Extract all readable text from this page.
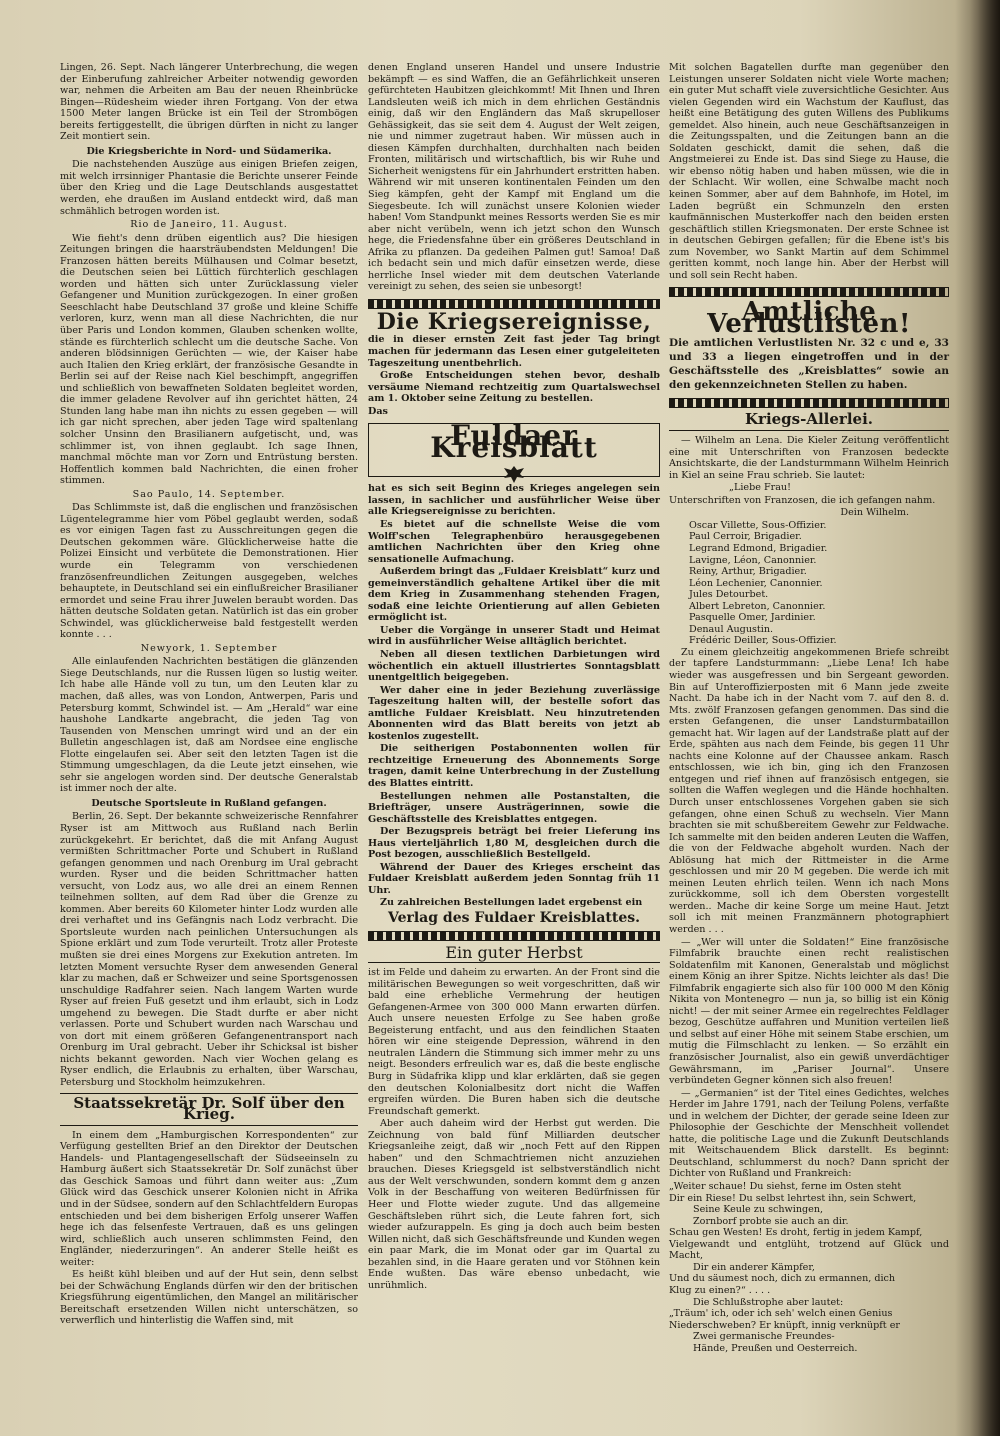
Lingen, 26. Sept. Nach längerer Unterbrechung, die wegen der Einberufung zahlreicher Arbeiter notwendig geworden war, nehmen die Arbeiten am Bau der neuen Rheinbrücke Bingen—Rüdesheim wieder ihren Fortgang. Von der etwa 1500 Meter langen Brücke ist ein Teil der Strombögen bereits fertiggestellt, die übrigen dürften in nicht zu langer Zeit montiert sein.

Die Kriegsberichte in Nord- und Südamerika.

Die nachstehenden Auszüge aus einigen Briefen zeigen, mit welch irrsinniger Phantasie die Berichte unserer Feinde über den Krieg und die Lage Deutschlands ausgestattet werden, ehe draußen im Ausland entdeckt wird, daß man schmählich betrogen worden ist.

Rio de Janeiro, 11. August.

Wie fieht's denn drüben eigentlich aus? Die hiesigen Zeitungen bringen die haarsträubendsten Meldungen! Die Franzosen hätten bereits Mülhausen und Colmar besetzt, die Deutschen seien bei Lüttich fürchterlich geschlagen worden und hätten sich unter Zurücklassung vieler Gefangener und Munition zurückgezogen. In einer großen Seeschlacht habe Deutschland 37 große und kleine Schiffe verloren, kurz, wenn man all diese Nachrichten, die nur über Paris und London kommen, Glauben schenken wollte, stände es fürchterlich schlecht um die deutsche Sache. Von anderen blödsinnigen Gerüchten — wie, der Kaiser habe auch Italien den Krieg erklärt, der französische Gesandte in Berlin sei auf der Reise nach Kiel beschimpft, angegriffen und schließlich von bewaffneten Soldaten begleitet worden, die immer geladene Revolver auf ihn gerichtet hätten, 24 Stunden lang habe man ihn nichts zu essen gegeben — will ich gar nicht sprechen, aber jeden Tage wird spaltenlang solcher Unsinn den Brasilianern aufgetischt, und, was schlimmer ist, von ihnen geglaubt. Ich sage Ihnen, manchmal möchte man vor Zorn und Entrüstung bersten. Hoffentlich kommen bald Nachrichten, die einen froher stimmen.

Sao Paulo, 14. September.

Das Schlimmste ist, daß die englischen und französischen Lügentelegramme hier vom Pöbel geglaubt werden, sodaß es vor einigen Tagen fast zu Ausschreitungen gegen die Deutschen gekommen wäre. Glücklicherweise hatte die Polizei Einsicht und verbütete die Demonstrationen. Hier wurde ein Telegramm von verschiedenen französenfreundlichen Zeitungen ausgegeben, welches behauptete, in Deutschland sei ein einflußreicher Brasilianer ermordet und seine Frau ihrer Juwelen beraubt worden. Das hätten deutsche Soldaten getan. Natürlich ist das ein grober Schwindel, was glücklicherweise bald festgestellt werden konnte . . .

Newyork, 1. September

Alle einlaufenden Nachrichten bestätigen die glänzenden Siege Deutschlands, nur die Russen lügen so lustig weiter. Ich habe alle Hände voll zu tun, um den Leuten klar zu machen, daß alles, was von London, Antwerpen, Paris und Petersburg kommt, Schwindel ist. — Am „Herald“ war eine haushohe Landkarte angebracht, die jeden Tag von Tausenden von Menschen umringt wird und an der ein Bulletin angeschlagen ist, daß am Nordsee eine englische Flotte eingelaufen sei. Aber seit den letzten Tagen ist die Stimmung umgeschlagen, da die Leute jetzt einsehen, wie sehr sie angelogen worden sind. Der deutsche Generalstab ist immer noch der alte.

Deutsche Sportsleute in Rußland gefangen.

Berlin, 26. Sept. Der bekannte schweizerische Rennfahrer Ryser ist am Mittwoch aus Rußland nach Berlin zurückgekehrt. Er berichtet, daß die mit Anfang August vermißten Schrittmacher Porte und Schubert in Rußland gefangen genommen und nach Orenburg im Ural gebracht wurden. Ryser und die beiden Schrittmacher hatten versucht, von Lodz aus, wo alle drei an einem Rennen teilnehmen sollten, auf dem Rad über die Grenze zu kommen. Aber bereits 60 Kilometer hinter Lodz wurden alle drei verhaftet und ins Gefängnis nach Lodz verbracht. Die Sportsleute wurden nach peinlichen Untersuchungen als Spione erklärt und zum Tode verurteilt. Trotz aller Proteste mußten sie drei eines Morgens zur Exekution antreten. Im letzten Moment versuchte Ryser dem anwesenden General klar zu machen, daß er Schweizer und seine Sportsgenossen unschuldige Radfahrer seien. Nach langem Warten wurde Ryser auf freien Fuß gesetzt und ihm erlaubt, sich in Lodz umgehend zu bewegen. Die Stadt durfte er aber nicht verlassen. Porte und Schubert wurden nach Warschau und von dort mit einem größeren Gefangenentransport nach Orenburg im Ural gebracht. Ueber ihr Schicksal ist bisher nichts bekannt geworden. Nach vier Wochen gelang es Ryser endlich, die Erlaubnis zu erhalten, über Warschau, Petersburg und Stockholm heimzukehren.

Staatssekretär Dr. Solf über den Krieg.

In einem dem „Hamburgischen Korrespondenten“ zur Verfügung gestellten Brief an den Direktor der Deutschen Handels- und Plantagengesellschaft der Südseeinseln zu Hamburg äußert sich Staatssekretär Dr. Solf zunächst über das Geschick Samoas und führt dann weiter aus: „Zum Glück wird das Geschick unserer Kolonien nicht in Afrika und in der Südsee, sondern auf den Schlachtfeldern Europas entschieden und bei dem bisherigen Erfolg unserer Waffen hege ich das felsenfeste Vertrauen, daß es uns gelingen wird, schließlich auch unseren schlimmsten Feind, den Engländer, niederzuringen“. An anderer Stelle heißt es weiter:

Es heißt kühl bleiben und auf der Hut sein, denn selbst bei der Schwächung Englands dürfen wir den der britischen Kriegsführung eigentümlichen, den Mangel an militärischer Bereitschaft ersetzenden Willen nicht unterschätzen, so verwerflich und hinterlistig die Waffen sind, mit

denen England unseren Handel und unsere Industrie bekämpft — es sind Waffen, die an Gefährlichkeit unseren gefürchteten Haubitzen gleichkommt! Mit Ihnen und Ihren Landsleuten weiß ich mich in dem ehrlichen Geständnis einig, daß wir den Engländern das Maß skrupelloser Gehässigkeit, das sie seit dem 4. August der Welt zeigen, nie und nimmer zugetraut haben. Wir müssen auch in diesen Kämpfen durchhalten, durchhalten nach beiden Fronten, militärisch und wirtschaftlich, bis wir Ruhe und Sicherheit wenigstens für ein Jahrhundert erstritten haben. Während wir mit unseren kontinentalen Feinden um den Sieg kämpfen, geht der Kampf mit England um die Siegesbeute. Ich will zunächst unsere Kolonien wieder haben! Vom Standpunkt meines Ressorts werden Sie es mir aber nicht verübeln, wenn ich jetzt schon den Wunsch hege, die Friedensfahne über ein größeres Deutschland in Afrika zu pflanzen. Da gedeihen Palmen gut! Samoa! Daß ich bedacht sein und mich dafür einsetzen werde, diese herrliche Insel wieder mit dem deutschen Vaterlande vereinigt zu sehen, des seien sie unbesorgt!

Die Kriegsereignisse,

die in dieser ernsten Zeit fast jeder Tag bringt machen für jedermann das Lesen einer gutgeleiteten Tageszeitung unentbehrlich.

Große Entscheidungen stehen bevor, deshalb versäume Niemand rechtzeitig zum Quartalswechsel am 1. Oktober seine Zeitung zu bestellen.

Das

Fuldaer Kreisblatt

hat es sich seit Beginn des Krieges angelegen sein lassen, in sachlicher und ausführlicher Weise über alle Kriegsereignisse zu berichten.

Es bietet auf die schnellste Weise die vom Wolff'schen Telegraphenbüro herausgegebenen amtlichen Nachrichten über den Krieg ohne sensationelle Aufmachung.

Außerdem bringt das „Fuldaer Kreisblatt“ kurz und gemeinverständlich gehaltene Artikel über die mit dem Krieg in Zusammenhang stehenden Fragen, sodaß eine leichte Orientierung auf allen Gebieten ermöglicht ist.

Ueber die Vorgänge in unserer Stadt und Heimat wird in ausführlicher Weise alltäglich berichtet.

Neben all diesen textlichen Darbietungen wird wöchentlich ein aktuell illustriertes Sonntagsblatt unentgeltlich beigegeben.

Wer daher eine in jeder Beziehung zuverlässige Tageszeitung halten will, der bestelle sofort das amtliche Fuldaer Kreisblatt. Neu hinzutretenden Abonnenten wird das Blatt bereits von jetzt ab kostenlos zugestellt.

Die seitherigen Postabonnenten wollen für rechtzeitige Erneuerung des Abonnements Sorge tragen, damit keine Unterbrechung in der Zustellung des Blattes eintritt.

Bestellungen nehmen alle Postanstalten, die Briefträger, unsere Austrägerinnen, sowie die Geschäftsstelle des Kreisblattes entgegen.

Der Bezugspreis beträgt bei freier Lieferung ins Haus vierteljährlich 1,80 M, desgleichen durch die Post bezogen, ausschließlich Bestellgeld.

Während der Dauer des Krieges erscheint das Fuldaer Kreisblatt außerdem jeden Sonntag früh 11 Uhr.

Zu zahlreichen Bestellungen ladet ergebenst ein

Verlag des Fuldaer Kreisblattes.

Ein guter Herbst

ist im Felde und daheim zu erwarten. An der Front sind die militärischen Bewegungen so weit vorgeschritten, daß wir bald eine erhebliche Vermehrung der heutigen Gefangenen-Armee von 300 000 Mann erwarten dürfen. Auch unsere neuesten Erfolge zu See haben große Begeisterung entfacht, und aus den feindlichen Staaten hören wir eine steigende Depression, während in den neutralen Ländern die Stimmung sich immer mehr zu uns neigt. Besonders erfreulich war es, daß die beste englische Burg in Südafrika klipp und klar erklärten, daß sie gegen den deutschen Kolonialbesitz dort nicht die Waffen ergreifen würden. Die Buren haben sich die deutsche Freundschaft gemerkt.

Aber auch daheim wird der Herbst gut werden. Die Zeichnung von bald fünf Milliarden deutscher Kriegsanleihe zeigt, daß wir „noch Fett auf den Rippen haben“ und den Schmachtriemen nicht anzuziehen brauchen. Dieses Kriegsgeld ist selbstverständlich nicht aus der Welt verschwunden, sondern kommt dem g anzen Volk in der Beschaffung von weiteren Bedürfnissen für Heer und Flotte wieder zugute. Und das allgemeine Geschäftsleben rührt sich, die Leute fahren fort, sich wieder aufzurappeln. Es ging ja doch auch beim besten Willen nicht, daß sich Geschäftsfreunde und Kunden wegen ein paar Mark, die im Monat oder gar im Quartal zu bezahlen sind, in die Haare geraten und vor Stöhnen kein Ende wußten. Das wäre ebenso unbedacht, wie unrühmlich.

Mit solchen Bagatellen durfte man gegenüber den Leistungen unserer Soldaten nicht viele Worte machen; ein guter Mut schafft viele zuversichtliche Gesichter. Aus vielen Gegenden wird ein Wachstum der Kauflust, das heißt eine Betätigung des guten Willens des Publikums gemeldet. Also hinein, auch neue Geschäftsanzeigen in die Zeitungsspalten, und die Zeitungen bann an die Soldaten geschickt, damit die sehen, daß die Angstmeierei zu Ende ist. Das sind Siege zu Hause, die wir ebenso nötig haben und haben müssen, wie die in der Schlacht. Wir wollen, eine Schwalbe macht noch keinen Sommer, aber auf dem Bahnhofe, im Hotel, im Laden begrüßt ein Schmunzeln den ersten kaufmännischen Musterkoffer nach den beiden ersten geschäftlich stillen Kriegsmonaten. Der erste Schnee ist in deutschen Gebirgen gefallen; für die Ebene ist's bis zum November, wo Sankt Martin auf dem Schimmel geritten kommt, noch lange hin. Aber der Herbst will und soll sein Recht haben.

Amtliche Verlustlisten!

Die amtlichen Verlustlisten Nr. 32 c und e, 33 und 33 a liegen eingetroffen und in der Geschäftsstelle des „Kreisblattes“ sowie an den gekennzeichneten Stellen zu haben.

Kriegs-Allerlei.

— Wilhelm an Lena. Die Kieler Zeitung veröffentlicht eine mit Unterschriften von Franzosen bedeckte Ansichtskarte, die der Landsturmmann Wilhelm Heinrich in Kiel an seine Frau schrieb. Sie lautet:

„Liebe Frau!

Unterschriften von Franzosen, die ich gefangen nahm.

Dein Wilhelm.

Oscar Villette, Sous-Offizier.
Paul Cerroir, Brigadier.
Legrand Edmond, Brigadier.
Lavigne, Léon, Canonnier.
Reiny, Arthur, Brigadier.
Léon Lechenier, Canonnier.
Jules Detourbet.
Albert Lebreton, Canonnier.
Pasquelle Omer, Jardinier.
Denaul Augustin.
Frédéric Deiller, Sous-Offizier.

Zu einem gleichzeitig angekommenen Briefe schreibt der tapfere Landsturmmann: „Liebe Lena! Ich habe wieder was ausgefressen und bin Sergeant geworden. Bin auf Unteroffizierposten mit 6 Mann jede zweite Nacht. Da habe ich in der Nacht vom 7. auf den 8. d. Mts. zwölf Franzosen gefangen genommen. Das sind die ersten Gefangenen, die unser Landsturmbataillon gemacht hat. Wir lagen auf der Landstraße platt auf der Erde, spähten aus nach dem Feinde, bis gegen 11 Uhr nachts eine Kolonne auf der Chaussee ankam. Rasch entschlossen, wie ich bin, ging ich den Franzosen entgegen und rief ihnen auf französisch entgegen, sie sollten die Waffen weglegen und die Hände hochhalten. Durch unser entschlossenes Vorgehen gaben sie sich gefangen, ohne einen Schuß zu wechseln. Vier Mann brachten sie mit schußbereitem Gewehr zur Feldwache. Ich sammelte mit den beiden anderen Leuten die Waffen, die von der Feldwache abgeholt wurden. Nach der Ablösung hat mich der Rittmeister in die Arme geschlossen und mir 20 M gegeben. Die werde ich mit meinen Leuten ehrlich teilen. Wenn ich nach Mons zurückkomme, soll ich dem Obersten vorgestellt werden.. Mache dir keine Sorge um meine Haut. Jetzt soll ich mit meinen Franzmännern photographiert werden . . .

— „Wer will unter die Soldaten!“ Eine französische Filmfabrik brauchte einen recht realistischen Soldatenfilm mit Kanonen, Generalstab und möglichst einem König an ihrer Spitze. Nichts leichter als das! Die Filmfabrik engagierte sich also für 100 000 M den König Nikita von Montenegro — nun ja, so billig ist ein König nicht! — der mit seiner Armee ein regelrechtes Feldlager bezog, Geschütze auffahren und Munition verteilen ließ und selbst auf einer Höhe mit seinem Stabe erschien, um mutig die Filmschlacht zu lenken. — So erzählt ein französischer Journalist, also ein gewiß unverdächtiger Gewährsmann, im „Pariser Journal“. Unsere verbündeten Gegner können sich also freuen!

— „Germanien“ ist der Titel eines Gedichtes, welches Herder im Jahre 1791, nach der Teilung Polens, verfaßte und in welchem der Dichter, der gerade seine Ideen zur Philosophie der Geschichte der Menschheit vollendet hatte, die politische Lage und die Zukunft Deutschlands mit Weitschauendem Blick darstellt. Es beginnt: Deutschland, schlummerst du noch? Dann spricht der Dichter von Rußland und Frankreich:

„Weiter schaue! Du siehst, ferne im Osten steht
Dir ein Riese! Du selbst lehrtest ihn, sein Schwert,
Seine Keule zu schwingen,
Zornborf probte sie auch an dir.
Schau gen Westen! Es droht, fertig in jedem Kampf,
Vielgewandt und entglüht, trotzend auf Glück und Macht,
Dir ein anderer Kämpfer,
Und du säumest noch, dich zu ermannen, dich
Klug zu einen?“ . . . .
Die Schlußstrophe aber lautet:
„Träum' ich, oder ich seh' welch einen Genius
Niederschweben? Er knüpft, innig verknüpft er
Zwei germanische Freundes-
Hände, Preußen und Oesterreich.
